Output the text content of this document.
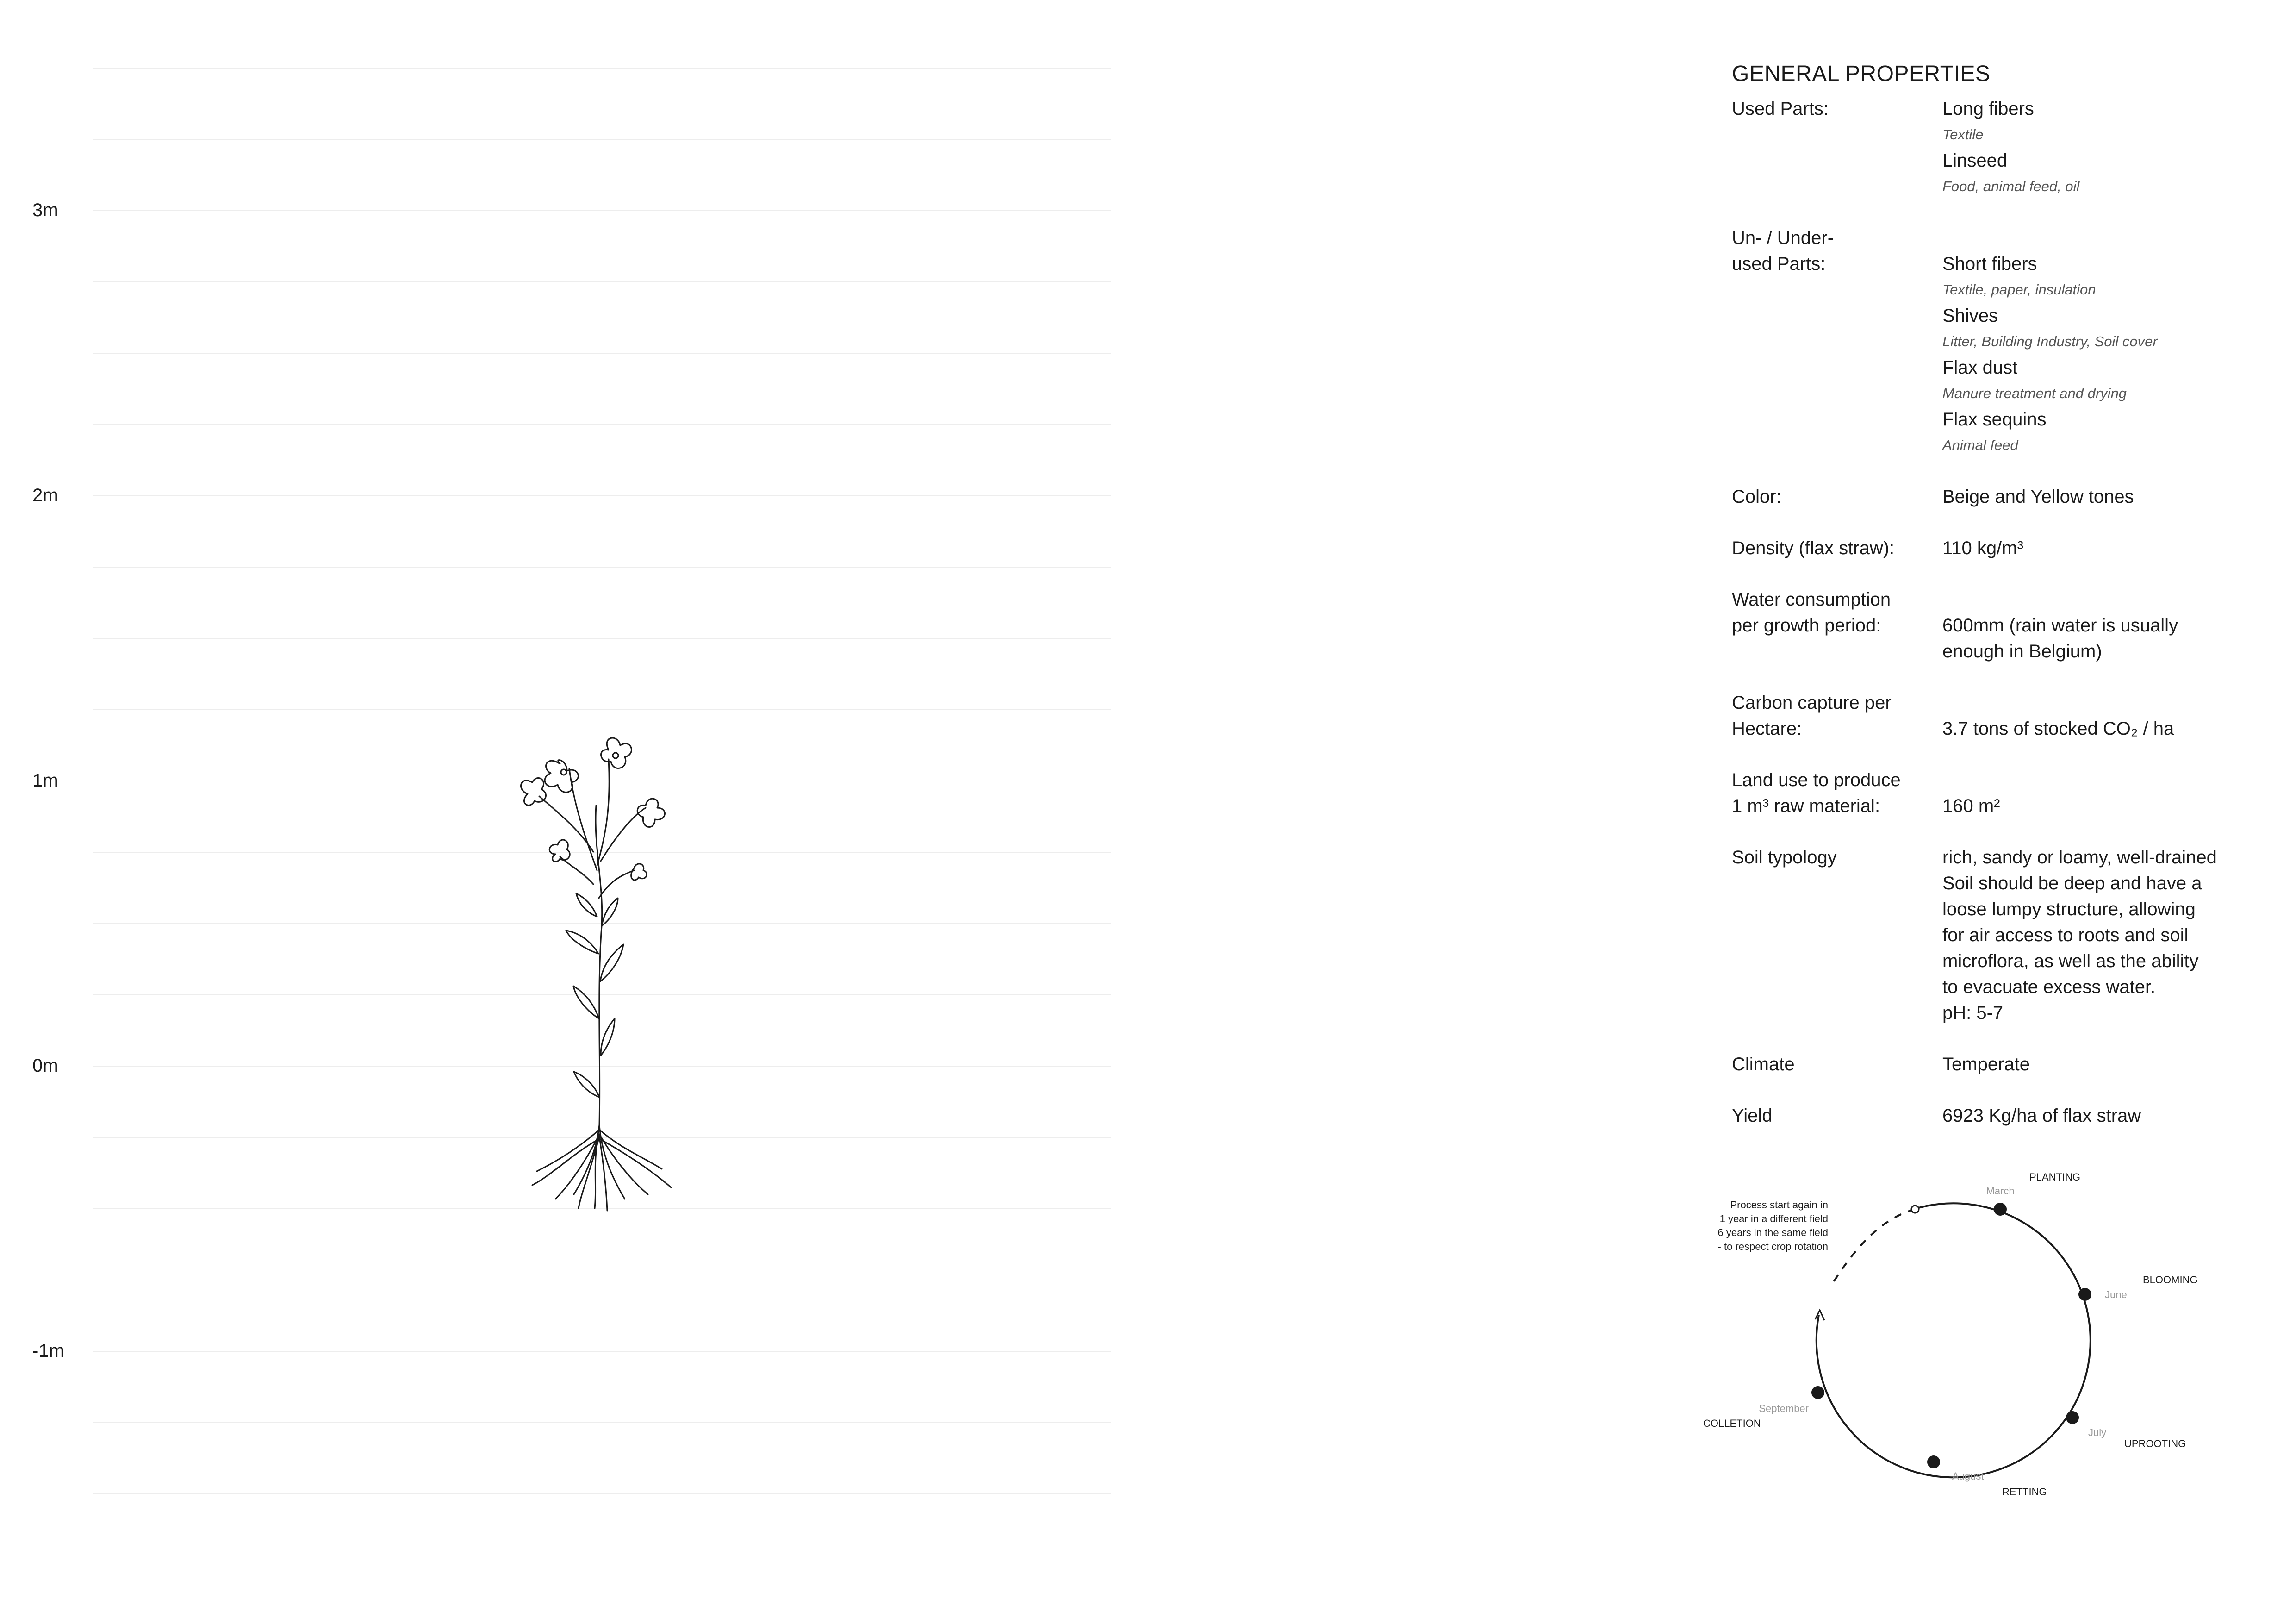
3m
2m
1m
0m
-1m
GENERAL PROPERTIES
Used Parts:	Long fibers
Textile
Linseed
Food, animal feed, oil
Un- / Under-
used Parts:	Short fibers
Textile, paper, insulation
Shives
Litter, Building Industry, Soil cover
Flax dust
Manure treatment and drying
Flax sequins
Animal feed
Color:	Beige and Yellow tones
Density (flax straw):	110 kg/m³
Water consumption
per growth period:	600mm (rain water is usually
enough in Belgium)
Carbon capture per
Hectare:	3.7 tons of stocked CO₂ / ha
Land use to produce
1 m³ raw material:	160 m²
Soil typology	rich, sandy or loamy, well-drained
Soil should be deep and have a
loose lumpy structure, allowing
for air access to roots and soil
microflora, as well as the ability
to evacuate excess water.
pH: 5-7
Climate	Temperate
Yield	6923 Kg/ha of flax straw
Process start again in
1 year in a different field
6 years in the same field
- to respect crop rotation
March
PLANTING
June
BLOOMING
July
UPROOTING
August
RETTING
September
COLLETION
